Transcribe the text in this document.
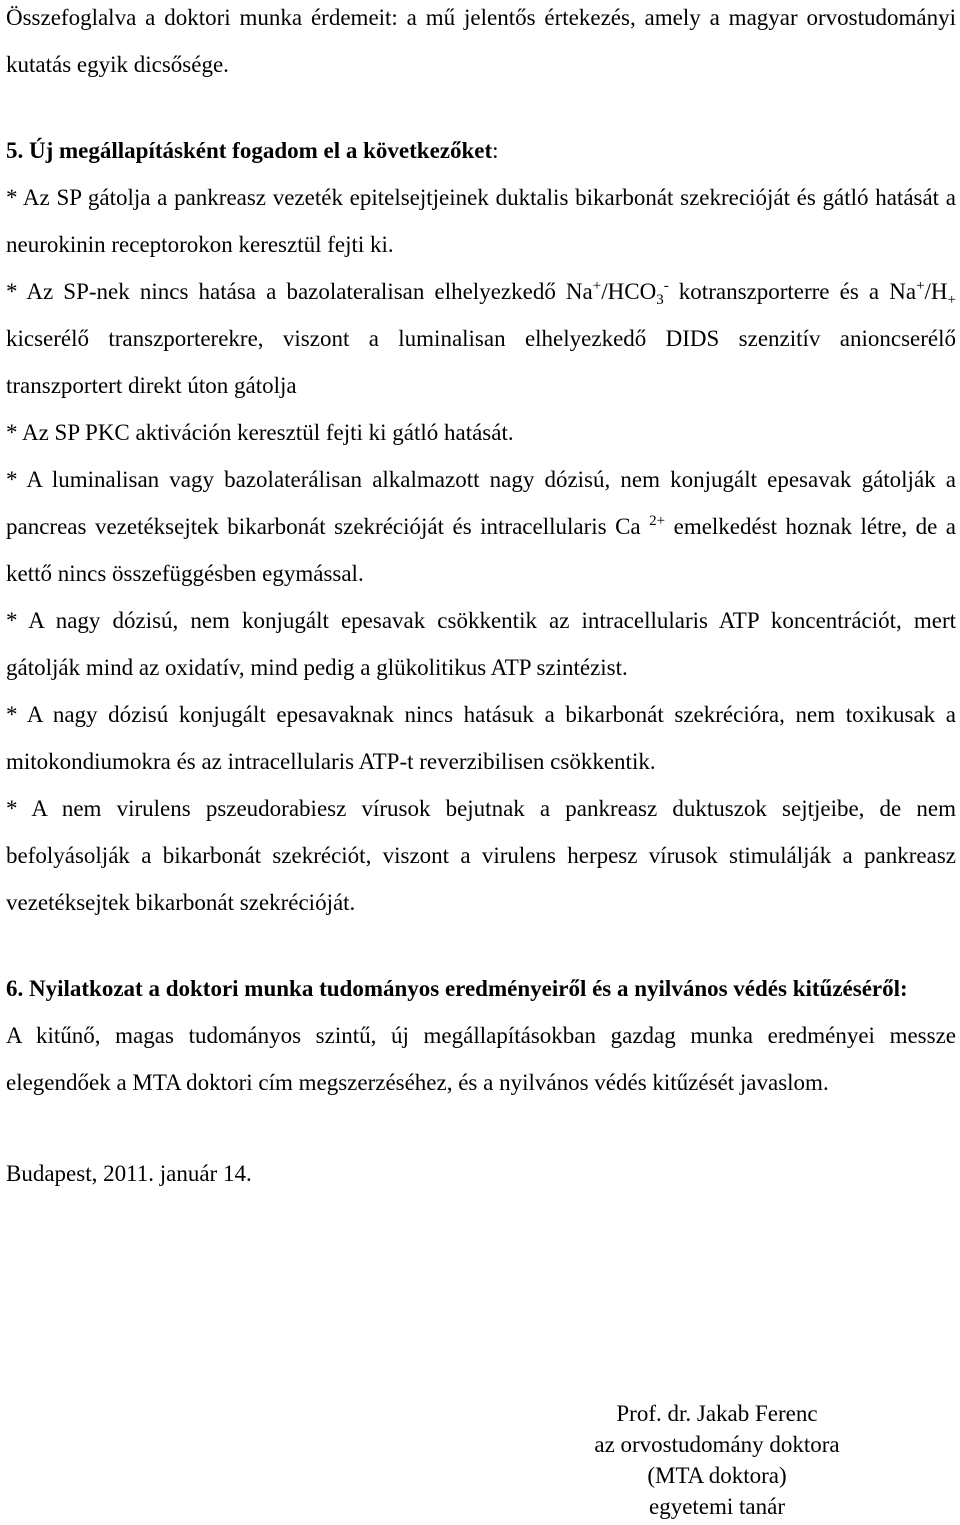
Összefoglalva a doktori munka érdemeit: a mű jelentős értekezés, amely a magyar orvostudományi kutatás egyik dicsősége.

5. Új megállapításként fogadom el a következőket:

* Az SP gátolja a pankreasz vezeték epitelsejtjeinek duktalis bikarbonát szekrecióját és gátló hatását a neurokinin receptorokon keresztül fejti ki.

* Az SP-nek nincs hatása a bazolateralisan elhelyezkedő $Na^+/HCO_3^-$ kotranszporterre és a $Na^+/H_+$ kicserélő transzporterekre, viszont a luminalisan elhelyezkedő DIDS szenzitív anioncserélő transzportert direkt úton gátolja

* Az SP PKC aktiváción keresztül fejti ki gátló hatását.

* A luminalisan vagy bazolaterálisan alkalmazott nagy dózisú, nem konjugált epesavak gátolják a pancreas vezetéksejtek bikarbonát szekrécióját és intracellularis Ca $^{2+}$ emelkedést hoznak létre, de a kettő nincs összefüggésben egymással.

* A nagy dózisú, nem konjugált epesavak csökkentik az intracellularis ATP koncentrációt, mert gátolják mind az oxidatív, mind pedig a glükolitikus ATP szintézist.

* A nagy dózisú konjugált epesavaknak nincs hatásuk a bikarbonát szekrécióra, nem toxikusak a mitokondiumokra és az intracellularis ATP-t reverzibilisen csökkentik.

* A nem virulens pszeudorabiesz vírusok bejutnak a pankreasz duktuszok sejtjeibe, de nem befolyásolják a bikarbonát szekréciót, viszont a virulens herpesz vírusok stimulálják a pankreasz vezetéksejtek bikarbonát szekrécióját.

6. Nyilatkozat a doktori munka tudományos eredményeiről és a nyilvános védés kitűzéséről:

A kitűnő, magas tudományos szintű, új megállapításokban gazdag munka eredményei messze elegendőek a MTA doktori cím megszerzéséhez, és a nyilvános védés kitűzését javaslom.

Budapest, 2011. január 14.

Prof. dr. Jakab Ferenc
az orvostudomány doktora
(MTA doktora)
egyetemi tanár
